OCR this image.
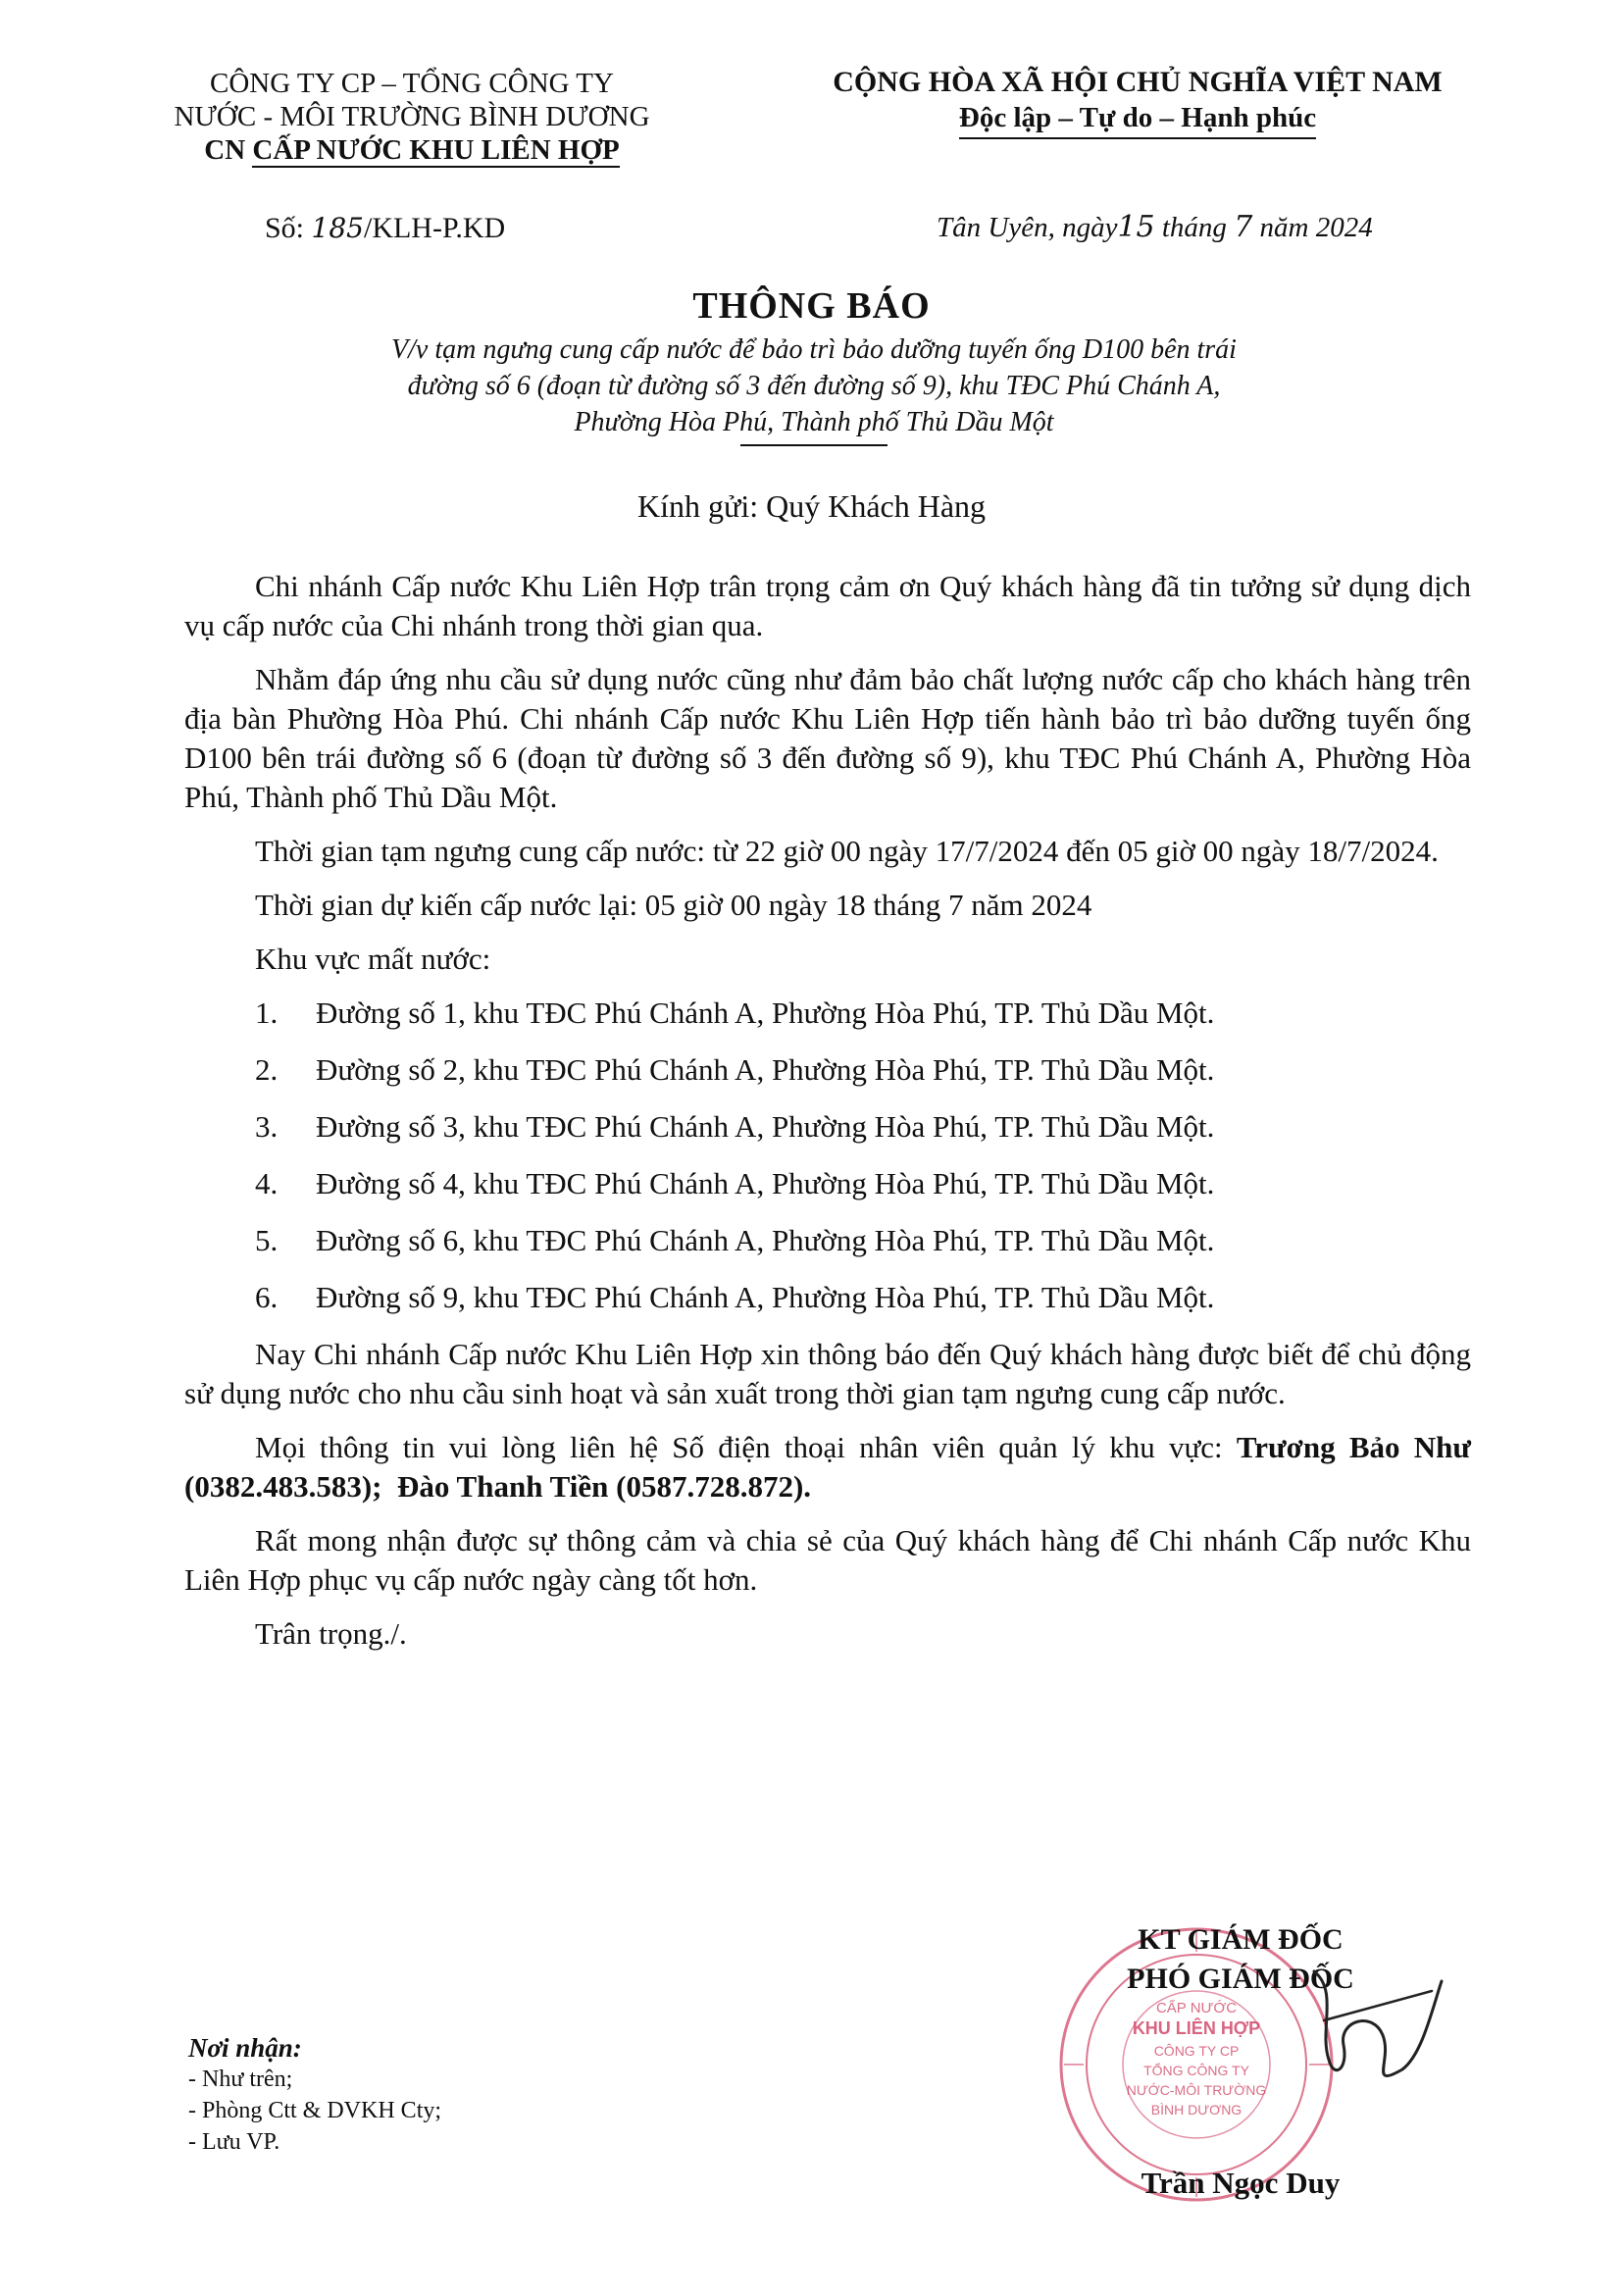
CÔNG TY CP – TỔNG CÔNG TY
NƯỚC - MÔI TRƯỜNG BÌNH DƯƠNG
CN CẤP NƯỚC KHU LIÊN HỢP
CỘNG HÒA XÃ HỘI CHỦ NGHĨA VIỆT NAM
Độc lập – Tự do – Hạnh phúc
Số: 185/KLH-P.KD	Tân Uyên, ngày15 tháng 7 năm 2024
THÔNG BÁO
V/v tạm ngưng cung cấp nước để bảo trì bảo dưỡng tuyến ống D100 bên trái
đường số 6 (đoạn từ đường số 3 đến đường số 9), khu TĐC Phú Chánh A,
Phường Hòa Phú, Thành phố Thủ Dầu Một
Kính gửi: Quý Khách Hàng

Chi nhánh Cấp nước Khu Liên Hợp trân trọng cảm ơn Quý khách hàng đã tin tưởng sử dụng dịch vụ cấp nước của Chi nhánh trong thời gian qua.

Nhằm đáp ứng nhu cầu sử dụng nước cũng như đảm bảo chất lượng nước cấp cho khách hàng trên địa bàn Phường Hòa Phú. Chi nhánh Cấp nước Khu Liên Hợp tiến hành bảo trì bảo dưỡng tuyến ống D100 bên trái đường số 6 (đoạn từ đường số 3 đến đường số 9), khu TĐC Phú Chánh A, Phường Hòa Phú, Thành phố Thủ Dầu Một.

Thời gian tạm ngưng cung cấp nước: từ 22 giờ 00 ngày 17/7/2024 đến 05 giờ 00 ngày 18/7/2024.

Thời gian dự kiến cấp nước lại: 05 giờ 00 ngày 18 tháng 7 năm 2024

Khu vực mất nước:

1. Đường số 1, khu TĐC Phú Chánh A, Phường Hòa Phú, TP. Thủ Dầu Một.
2. Đường số 2, khu TĐC Phú Chánh A, Phường Hòa Phú, TP. Thủ Dầu Một.
3. Đường số 3, khu TĐC Phú Chánh A, Phường Hòa Phú, TP. Thủ Dầu Một.
4. Đường số 4, khu TĐC Phú Chánh A, Phường Hòa Phú, TP. Thủ Dầu Một.
5. Đường số 6, khu TĐC Phú Chánh A, Phường Hòa Phú, TP. Thủ Dầu Một.
6. Đường số 9, khu TĐC Phú Chánh A, Phường Hòa Phú, TP. Thủ Dầu Một.

Nay Chi nhánh Cấp nước Khu Liên Hợp xin thông báo đến Quý khách hàng được biết để chủ động sử dụng nước cho nhu cầu sinh hoạt và sản xuất trong thời gian tạm ngưng cung cấp nước.

Mọi thông tin vui lòng liên hệ Số điện thoại nhân viên quản lý khu vực: Trương Bảo Như (0382.483.583); Đào Thanh Tiền (0587.728.872).

Rất mong nhận được sự thông cảm và chia sẻ của Quý khách hàng để Chi nhánh Cấp nước Khu Liên Hợp phục vụ cấp nước ngày càng tốt hơn.

Trân trọng./.

CẤP NƯỚC
KHU LIÊN HỢP
CÔNG TY CP
TỔNG CÔNG TY
NƯỚC-MÔI TRƯỜNG
BÌNH DƯƠNG
KT GIÁM ĐỐC
PHÓ GIÁM ĐỐC
Trần Ngọc Duy
Nơi nhận:
- Như trên;
- Phòng Ctt & DVKH Cty;
- Lưu VP.
